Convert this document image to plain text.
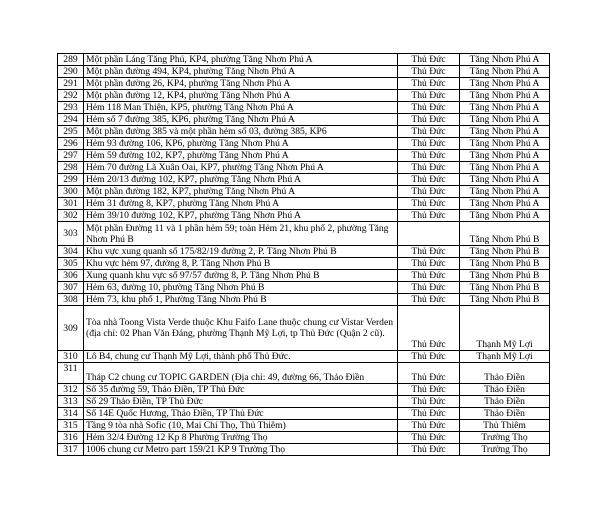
289	Một phần Láng Tăng Phú, KP4, phường Tăng Nhơn Phú A	Thủ Đức	Tăng Nhơn Phú A
290	Một phần đường 494, KP4, phường Tăng Nhơn Phú A	Thủ Đức	Tăng Nhơn Phú A
291	Một phần đường 26, KP4, phường Tăng Nhơn Phú A	Thủ Đức	Tăng Nhơn Phú A
292	Một phần đường 12, KP4, phường Tăng Nhơn Phú A	Thủ Đức	Tăng Nhơn Phú A
293	Hẻm 118 Man Thiện, KP5, phường Tăng Nhơn Phú A	Thủ Đức	Tăng Nhơn Phú A
294	Hẻm số 7 đường 385, KP6, phường Tăng Nhơn Phú A	Thủ Đức	Tăng Nhơn Phú A
295	Một phần đường 385 và một phần hẻm số 03, đường 385, KP6	Thủ Đức	Tăng Nhơn Phú A
296	Hẻm 93 đường 106, KP6, phường Tăng Nhơn Phú A	Thủ Đức	Tăng Nhơn Phú A
297	Hẻm 59 đường 102, KP7, phường Tăng Nhơn Phú A	Thủ Đức	Tăng Nhơn Phú A
298	Hẻm 70 đường Lã Xuân Oai, KP7, phường Tăng Nhơn Phú A	Thủ Đức	Tăng Nhơn Phú A
299	Hẻm 20/13 đường 102, KP7, phường Tăng Nhơn Phú A	Thủ Đức	Tăng Nhơn Phú A
300	Một phần đường 182, KP7, phường Tăng Nhơn Phú A	Thủ Đức	Tăng Nhơn Phú A
301	Hẻm 31 đường 8, KP7, phường Tăng Nhơn Phú A	Thủ Đức	Tăng Nhơn Phú A
302	Hẻm 39/10 đường 102, KP7, phường Tăng Nhơn Phú A	Thủ Đức	Tăng Nhơn Phú A
303	Một phần Đường 11 và 1 phần hẻm 59; toàn Hẻm 21, khu phố 2, phường Tăng Nhơn Phú B		Tăng Nhơn Phú B
304	Khu vực xung quanh số 175/82/19 đường 2, P. Tăng Nhơn Phú B	Thủ Đức	Tăng Nhơn Phú B
305	Khu vực hẻm 97, đường 8, P. Tăng Nhơn Phú B	Thủ Đức	Tăng Nhơn Phú B
306	Xung quanh khu vực số 97/57 đường 8, P. Tăng Nhơn Phú B	Thủ Đức	Tăng Nhơn Phú B
307	Hẻm 63, đường 10, phường Tăng Nhơn Phú B	Thủ Đức	Tăng Nhơn Phú B
308	Hẻm 73, khu phố 1, Phường Tăng Nhơn Phú B	Thủ Đức	Tăng Nhơn Phú B
309	Tòa nhà Toong Vista Verde thuộc Khu Faifo Lane thuộc chung cư Vistar Verden (địa chỉ: 02 Phan Văn Đáng, phường Thạnh Mỹ Lợi, tp Thủ Đức (Quận 2 cũ).	Thủ Đức	Thạnh Mỹ Lợi
310	Lô B4, chung cư Thạnh Mỹ Lợi, thành phố Thủ Đức.	Thủ Đức	Thạnh Mỹ Lợi
311	Tháp C2 chung cư TOPIC GARDEN (Địa chỉ: 49, đường 66, Thảo Điền	Thủ Đức	Thảo Điền
312	Số 35 đường 59, Thảo Điền, TP Thủ Đức	Thủ Đức	Thảo Điền
313	Số 29 Thảo Điền, TP Thủ Đức	Thủ Đức	Thảo Điền
314	Số 14E Quốc Hương, Thảo Điền, TP Thủ Đức	Thủ Đức	Thảo Điền
315	Tầng 9 tòa nhà Sofic (10, Mai Chí Thọ, Thủ Thiêm)	Thủ Đức	Thủ Thiêm
316	Hẻm 32/4 Đường 12 Kp 8 Phường Trường Thọ	Thủ Đức	Trường Thọ
317	1006 chung cư Metro part 159/21 KP 9 Trường Thọ	Thủ Đức	Trường Thọ
